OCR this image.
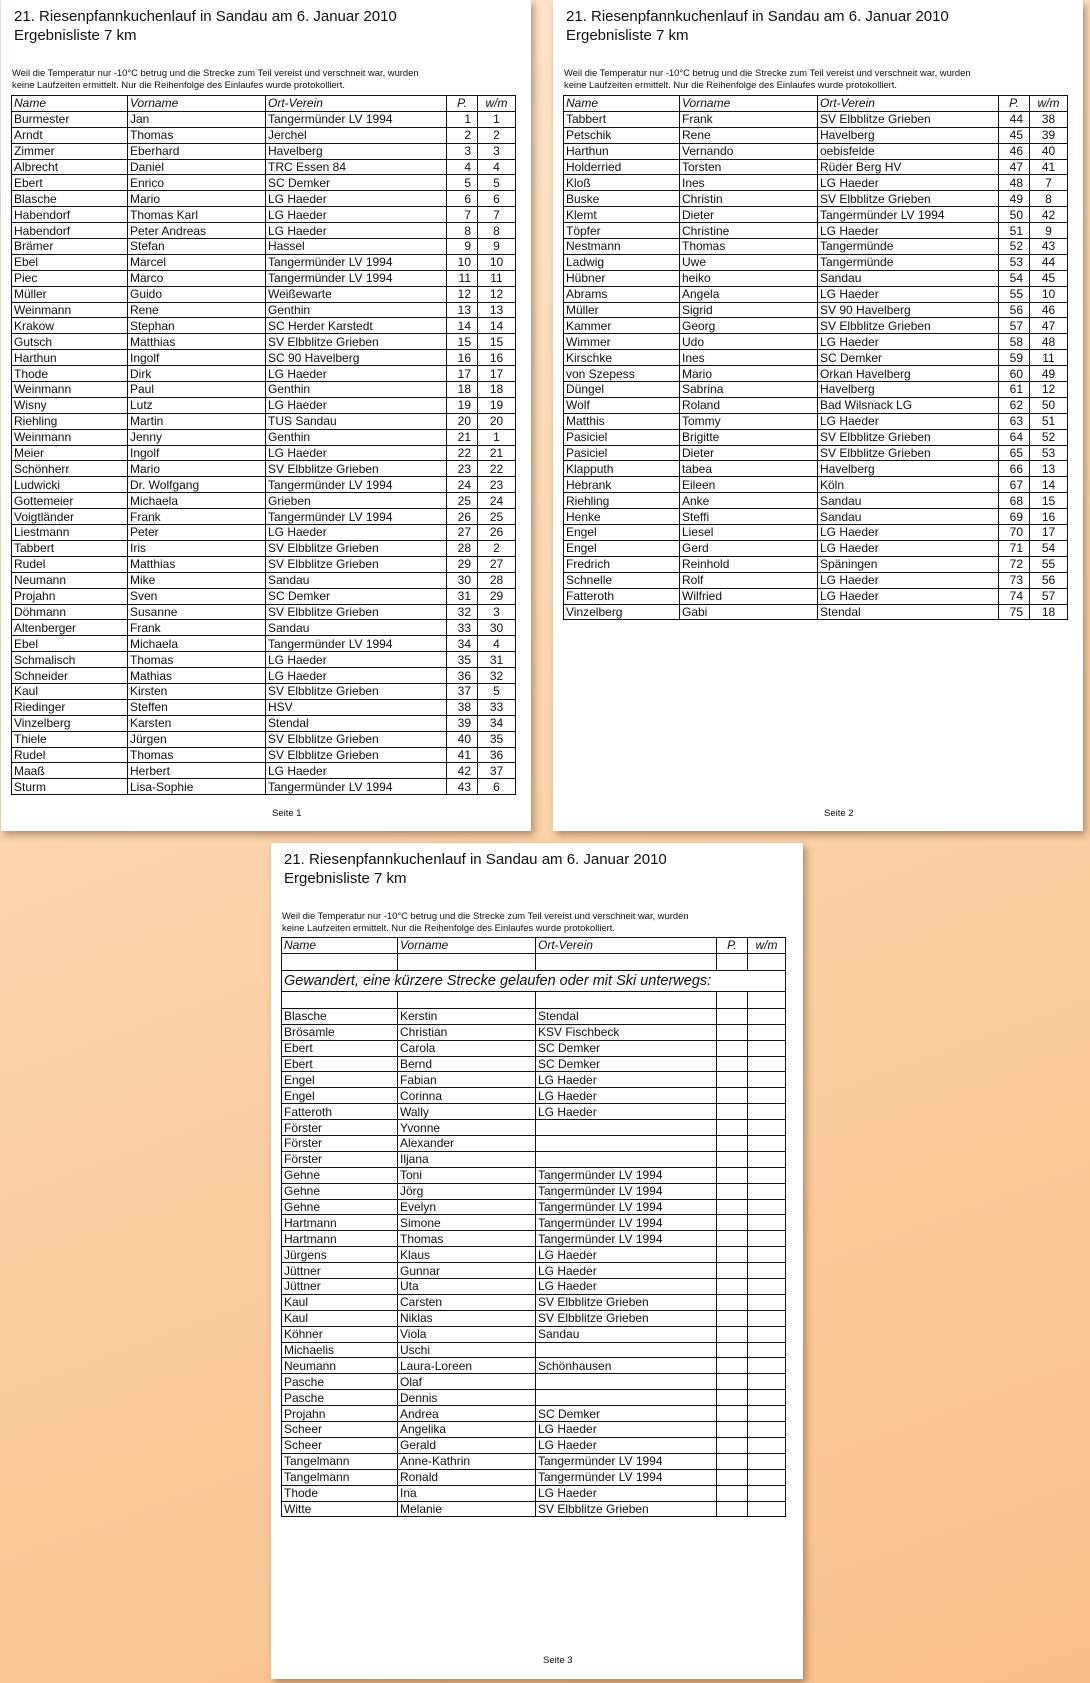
21. Riesenpfannkuchenlauf in Sandau am 6. Januar 2010
Ergebnisliste 7 km
Weil die Temperatur nur -10°C betrug und die Strecke zum Teil vereist und verschneit war, wurden
keine Laufzeiten ermittelt. Nur die Reihenfolge des Einlaufes wurde protokolliert.
Name	Vorname	Ort-Verein	P.	w/m
Burmester	Jan	Tangermünder LV 1994	1	1
Arndt	Thomas	Jerchel	2	2
Zimmer	Eberhard	Havelberg	3	3
Albrecht	Daniel	TRC Essen 84	4	4
Ebert	Enrico	SC Demker	5	5
Blasche	Mario	LG Haeder	6	6
Habendorf	Thomas Karl	LG Haeder	7	7
Habendorf	Peter Andreas	LG Haeder	8	8
Brämer	Stefan	Hassel	9	9
Ebel	Marcel	Tangermünder LV 1994	10	10
Piec	Marco	Tangermünder LV 1994	11	11
Müller	Guido	Weißewarte	12	12
Weinmann	Rene	Genthin	13	13
Krakow	Stephan	SC Herder Karstedt	14	14
Gutsch	Matthias	SV Elbblitze Grieben	15	15
Harthun	Ingolf	SC 90 Havelberg	16	16
Thode	Dirk	LG Haeder	17	17
Weinmann	Paul	Genthin	18	18
Wisny	Lutz	LG Haeder	19	19
Riehling	Martin	TUS Sandau	20	20
Weinmann	Jenny	Genthin	21	1
Meier	Ingolf	LG Haeder	22	21
Schönherr	Mario	SV Elbblitze Grieben	23	22
Ludwicki	Dr. Wolfgang	Tangermünder LV 1994	24	23
Gottemeier	Michaela	Grieben	25	24
Voigtländer	Frank	Tangermünder LV 1994	26	25
Liestmann	Peter	LG Haeder	27	26
Tabbert	Iris	SV Elbblitze Grieben	28	2
Rudel	Matthias	SV Elbblitze Grieben	29	27
Neumann	Mike	Sandau	30	28
Projahn	Sven	SC Demker	31	29
Döhmann	Susanne	SV Elbblitze Grieben	32	3
Altenberger	Frank	Sandau	33	30
Ebel	Michaela	Tangermünder LV 1994	34	4
Schmalisch	Thomas	LG Haeder	35	31
Schneider	Mathias	LG Haeder	36	32
Kaul	Kirsten	SV Elbblitze Grieben	37	5
Riedinger	Steffen	HSV	38	33
Vinzelberg	Karsten	Stendal	39	34
Thiele	Jürgen	SV Elbblitze Grieben	40	35
Rudel	Thomas	SV Elbblitze Grieben	41	36
Maaß	Herbert	LG Haeder	42	37
Sturm	Lisa-Sophie	Tangermünder LV 1994	43	6
Seite 1
21. Riesenpfannkuchenlauf in Sandau am 6. Januar 2010
Ergebnisliste 7 km
Weil die Temperatur nur -10°C betrug und die Strecke zum Teil vereist und verschneit war, wurden
keine Laufzeiten ermittelt. Nur die Reihenfolge des Einlaufes wurde protokolliert.
Name	Vorname	Ort-Verein	P.	w/m
Tabbert	Frank	SV Elbblitze Grieben	44	38
Petschik	Rene	Havelberg	45	39
Harthun	Vernando	oebisfelde	46	40
Holderried	Torsten	Rüder Berg HV	47	41
Kloß	Ines	LG Haeder	48	7
Buske	Christin	SV Elbblitze Grieben	49	8
Klemt	Dieter	Tangermünder LV 1994	50	42
Töpfer	Christine	LG Haeder	51	9
Nestmann	Thomas	Tangermünde	52	43
Ladwig	Uwe	Tangermünde	53	44
Hübner	heiko	Sandau	54	45
Abrams	Angela	LG Haeder	55	10
Müller	Sigrid	SV 90 Havelberg	56	46
Kammer	Georg	SV Elbblitze Grieben	57	47
Wimmer	Udo	LG Haeder	58	48
Kirschke	Ines	SC Demker	59	11
von Szepess	Mario	Orkan Havelberg	60	49
Düngel	Sabrina	Havelberg	61	12
Wolf	Roland	Bad Wilsnack LG	62	50
Matthis	Tommy	LG Haeder	63	51
Pasiciel	Brigitte	SV Elbblitze Grieben	64	52
Pasiciel	Dieter	SV Elbblitze Grieben	65	53
Klapputh	tabea	Havelberg	66	13
Hebrank	Eileen	Köln	67	14
Riehling	Anke	Sandau	68	15
Henke	Steffi	Sandau	69	16
Engel	Liesel	LG Haeder	70	17
Engel	Gerd	LG Haeder	71	54
Fredrich	Reinhold	Späningen	72	55
Schnelle	Rolf	LG Haeder	73	56
Fatteroth	Wilfried	LG Haeder	74	57
Vinzelberg	Gabi	Stendal	75	18
Seite 2
21. Riesenpfannkuchenlauf in Sandau am 6. Januar 2010
Ergebnisliste 7 km
Weil die Temperatur nur -10°C betrug und die Strecke zum Teil vereist und verschneit war, wurden
keine Laufzeiten ermittelt. Nur die Reihenfolge des Einlaufes wurde protokolliert.
Name	Vorname	Ort-Verein	P.	w/m

Gewandert, eine kürzere Strecke gelaufen oder mit Ski unterwegs:				

Blasche	Kerstin	Stendal		
Brösamle	Christian	KSV Fischbeck		
Ebert	Carola	SC Demker		
Ebert	Bernd	SC Demker		
Engel	Fabian	LG Haeder		
Engel	Corinna	LG Haeder		
Fatteroth	Wally	LG Haeder		
Förster	Yvonne			
Förster	Alexander			
Förster	Iljana			
Gehne	Toni	Tangermünder LV 1994		
Gehne	Jörg	Tangermünder LV 1994		
Gehne	Evelyn	Tangermünder LV 1994		
Hartmann	Simone	Tangermünder LV 1994		
Hartmann	Thomas	Tangermünder LV 1994		
Jürgens	Klaus	LG Haeder		
Jüttner	Gunnar	LG Haeder		
Jüttner	Uta	LG Haeder		
Kaul	Carsten	SV Elbblitze Grieben		
Kaul	Niklas	SV Elbblitze Grieben		
Köhner	Viola	Sandau		
Michaelis	Uschi			
Neumann	Laura-Loreen	Schönhausen		
Pasche	Olaf			
Pasche	Dennis			
Projahn	Andrea	SC Demker		
Scheer	Angelika	LG Haeder		
Scheer	Gerald	LG Haeder		
Tangelmann	Anne-Kathrin	Tangermünder LV 1994		
Tangelmann	Ronald	Tangermünder LV 1994		
Thode	Ina	LG Haeder		
Witte	Melanie	SV Elbblitze Grieben		
Seite 3
